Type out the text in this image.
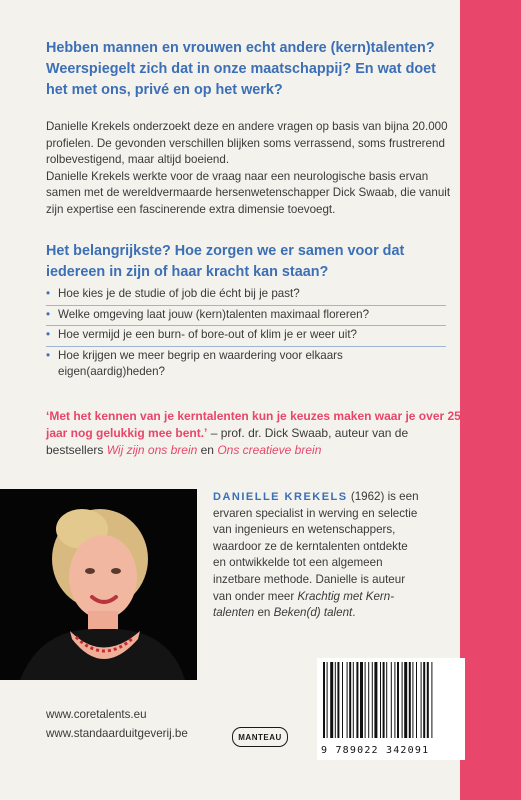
Hebben mannen en vrouwen echt andere (kern)talenten? Weerspiegelt zich dat in onze maatschappij? En wat doet het met ons, privé en op het werk?
Danielle Krekels onderzoekt deze en andere vragen op basis van bijna 20.000 profielen. De gevonden verschillen blijken soms verrassend, soms frustrerend rolbevestigend, maar altijd boeiend.
Danielle Krekels werkte voor de vraag naar een neurologische basis ervan samen met de wereldvermaarde hersenwetenschapper Dick Swaab, die vanuit zijn expertise een fascinerende extra dimensie toevoegt.
Het belangrijkste? Hoe zorgen we er samen voor dat iedereen in zijn of haar kracht kan staan?
• Hoe kies je de studie of job die écht bij je past?
• Welke omgeving laat jouw (kern)talenten maximaal floreren?
• Hoe vermijd je een burn- of bore-out of klim je er weer uit?
• Hoe krijgen we meer begrip en waardering voor elkaars eigen(aardig)heden?
‘Met het kennen van je kerntalenten kun je keuzes maken waar je over 25 jaar nog gelukkig mee bent.’ – prof. dr. Dick Swaab, auteur van de bestsellers Wij zijn ons brein en Ons creatieve brein
DANIELLE KREKELS (1962) is een ervaren specialist in werving en selectie van ingenieurs en wetenschappers, waardoor ze de kerntalenten ontdekte en ontwikkelde tot een algemeen inzetbare methode. Danielle is auteur van onder meer Krachtig met Kern-talenten en Beken(d) talent.
www.coretalents.eu
www.standaarduitgeverij.be	MANTEAU
9 789022 342091
